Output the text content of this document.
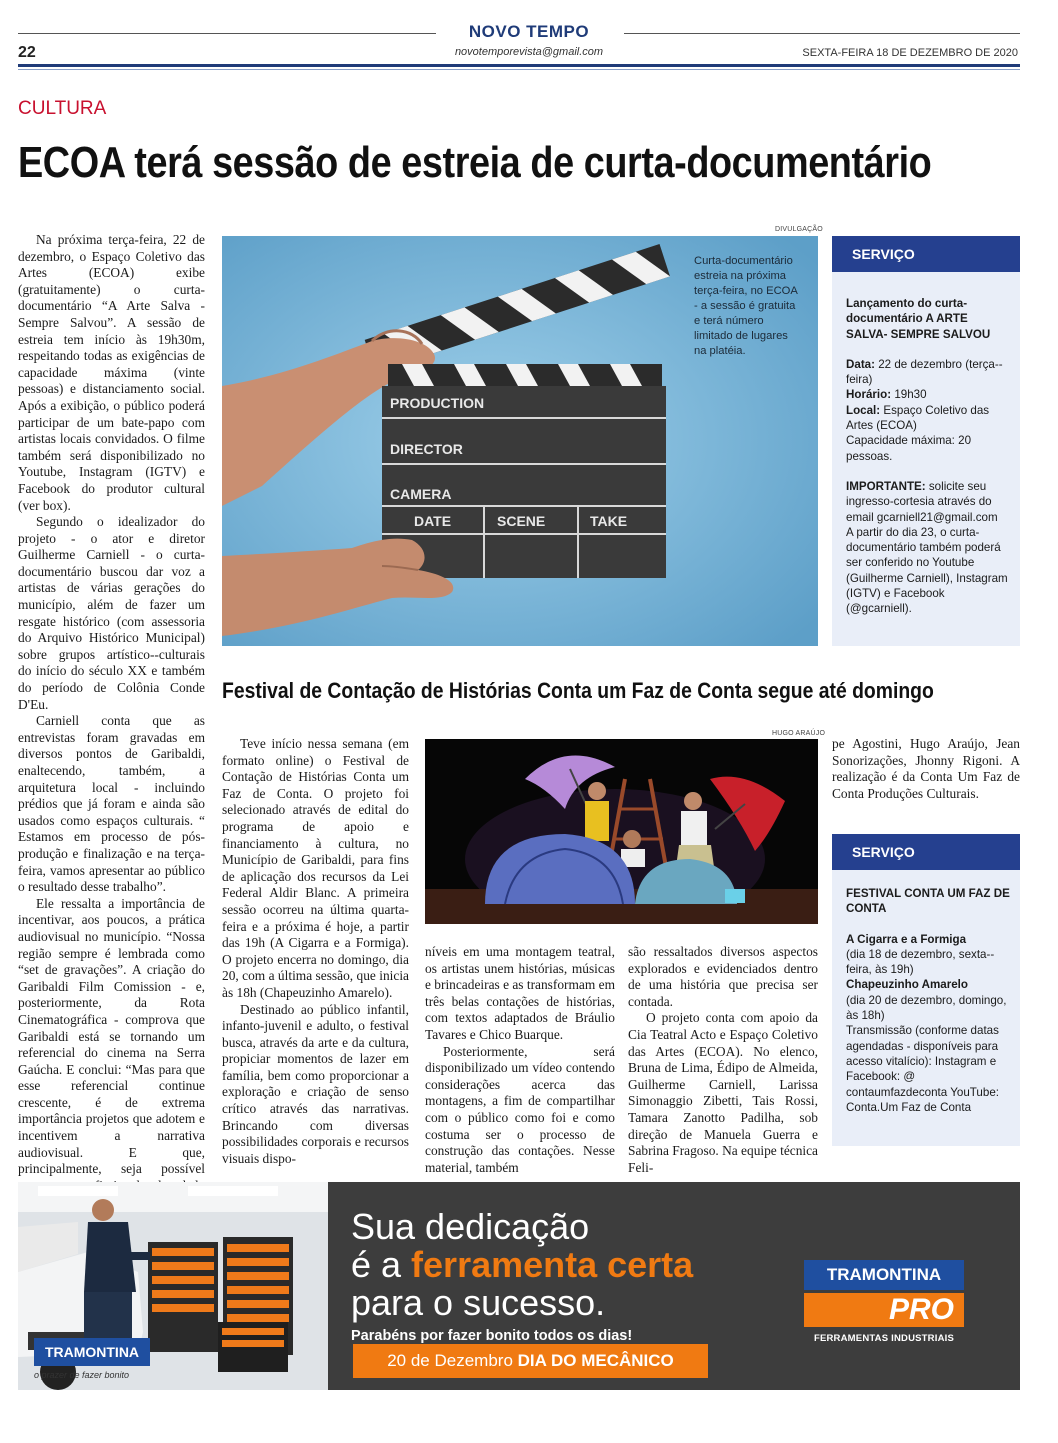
NOVO TEMPO
novotemporevista@gmail.com
22	SEXTA-FEIRA 18 DE DEZEMBRO DE 2020
CULTURA
ECOA terá sessão de estreia de curta-documentário

Na próxima terça-feira, 22 de dezembro, o Espaço Coletivo das Artes (ECOA) exibe (gratuitamente) o curta-documentário “A Arte Salva - Sempre Salvou”. A sessão de estreia tem início às 19h30m, respeitando todas as exigências de capacidade máxima (vinte pessoas) e distanciamento social. Após a exibição, o público poderá participar de um bate-papo com artistas locais convidados. O filme também será disponibilizado no Youtube, Instagram (IGTV) e Facebook do produtor cultural (ver box).

Segundo o idealizador do projeto - o ator e diretor Guilherme Carniell - o curta-documentário buscou dar voz a artistas de várias gerações do município, além de fazer um resgate histórico (com assessoria do Arquivo Histórico Municipal) sobre grupos artístico--culturais do início do século XX e também do período de Colônia Conde D'Eu.

Carniell conta que as entrevistas foram gravadas em diversos pontos de Garibaldi, enaltecendo, também, a arquitetura local - incluindo prédios que já foram e ainda são usados como espaços culturais. “ Estamos em processo de pós-produção e finalização e na terça-feira, vamos apresentar ao público o resultado desse trabalho”.

Ele ressalta a importância de incentivar, aos poucos, a prática audiovisual no município. “Nossa região sempre é lembrada como “set de gravações”. A criação do Garibaldi Film Comission - e, posteriormente, da Rota Cinematográfica - comprova que Garibaldi está se tornando um referencial do cinema na Serra Gaúcha. E conclui: “Mas para que esse referencial continue crescente, é de extrema importância projetos que adotem e incentivem a narrativa audiovisual. E que, principalmente, seja possível

DIVULGAÇÃO
PRODUCTION
DIRECTOR
CAMERA
DATE	SCENE	TAKE
Curta-documentário estreia na próxima terça-feira, no ECOA - a sessão é gratuita e terá número limitado de lugares na platéia.
SERVIÇO

Lançamento do curta-documentário A ARTE SALVA- SEMPRE SALVOU

Data: 22 de dezembro (terça--feira)

Horário: 19h30

Local: Espaço Coletivo das Artes (ECOA)

Capacidade máxima: 20 pessoas.

IMPORTANTE: solicite seu ingresso-cortesia através do email gcarniell21@gmail.com

A partir do dia 23, o curta-documentário também poderá ser conferido no Youtube (Guilherme Carniell), Instagram (IGTV) e Facebook (@gcarniell).

Festival de Contação de Histórias Conta um Faz de Conta segue até domingo
HUGO ARAÚJO

Teve início nessa semana (em formato online) o Festival de Contação de Histórias Conta um Faz de Conta. O projeto foi selecionado através de edital do programa de apoio e financiamento à cultura, no Município de Garibaldi, para fins de aplicação dos recursos da Lei Federal Aldir Blanc. A primeira sessão ocorreu na última quarta-feira e a próxima é hoje, a partir das 19h (A Cigarra e a Formiga). O projeto encerra no domingo, dia 20, com a última sessão, que inicia às 18h (Chapeuzinho Amarelo).

Destinado ao público infantil, infanto-juvenil e adulto, o festival busca, através da arte e da cultura, propiciar momentos de lazer em família, bem como proporcionar a exploração e criação de senso crítico através das narrativas. Brincando com diversas possibilidades corporais e recursos visuais dispo-

níveis em uma montagem teatral, os artistas unem histórias, músicas e brincadeiras e as transformam em três belas contações de histórias, com textos adaptados de Bráulio Tavares e Chico Buarque.

Posteriormente, será disponibilizado um vídeo contendo considerações acerca das montagens, a fim de compartilhar com o público como foi e como costuma ser o processo de construção das contações. Nesse material, também

são ressaltados diversos aspectos explorados e evidenciados dentro de uma história que precisa ser contada.

O projeto conta com apoio da Cia Teatral Acto e Espaço Coletivo das Artes (ECOA). No elenco, Bruna de Lima, Édipo de Almeida, Guilherme Carniell, Larissa Simonaggio Zibetti, Tais Rossi, Tamara Zanotto Padilha, sob direção de Manuela Guerra e Sabrina Fragoso. Na equipe técnica Feli-

pe Agostini, Hugo Araújo, Jean Sonorizações, Jhonny Rigoni. A realização é da Conta Um Faz de Conta Produções Culturais.

SERVIÇO

FESTIVAL CONTA UM FAZ DE CONTA

A Cigarra e a Formiga

(dia 18 de dezembro, sexta--feira, às 19h)

Chapeuzinho Amarelo

(dia 20 de dezembro, domingo, às 18h)

Transmissão (conforme datas agendadas - disponíveis para acesso vitalício): Instagram e Facebook: @ contaumfazdeconta YouTube: Conta.Um Faz de Conta

TRAMONTINA
o prazer de fazer bonito
Sua dedicação
é a ferramenta certa
para o sucesso.
Parabéns por fazer bonito todos os dias!
20 de Dezembro DIA DO MECÂNICO
TRAMONTINA
PRO
FERRAMENTAS INDUSTRIAIS
